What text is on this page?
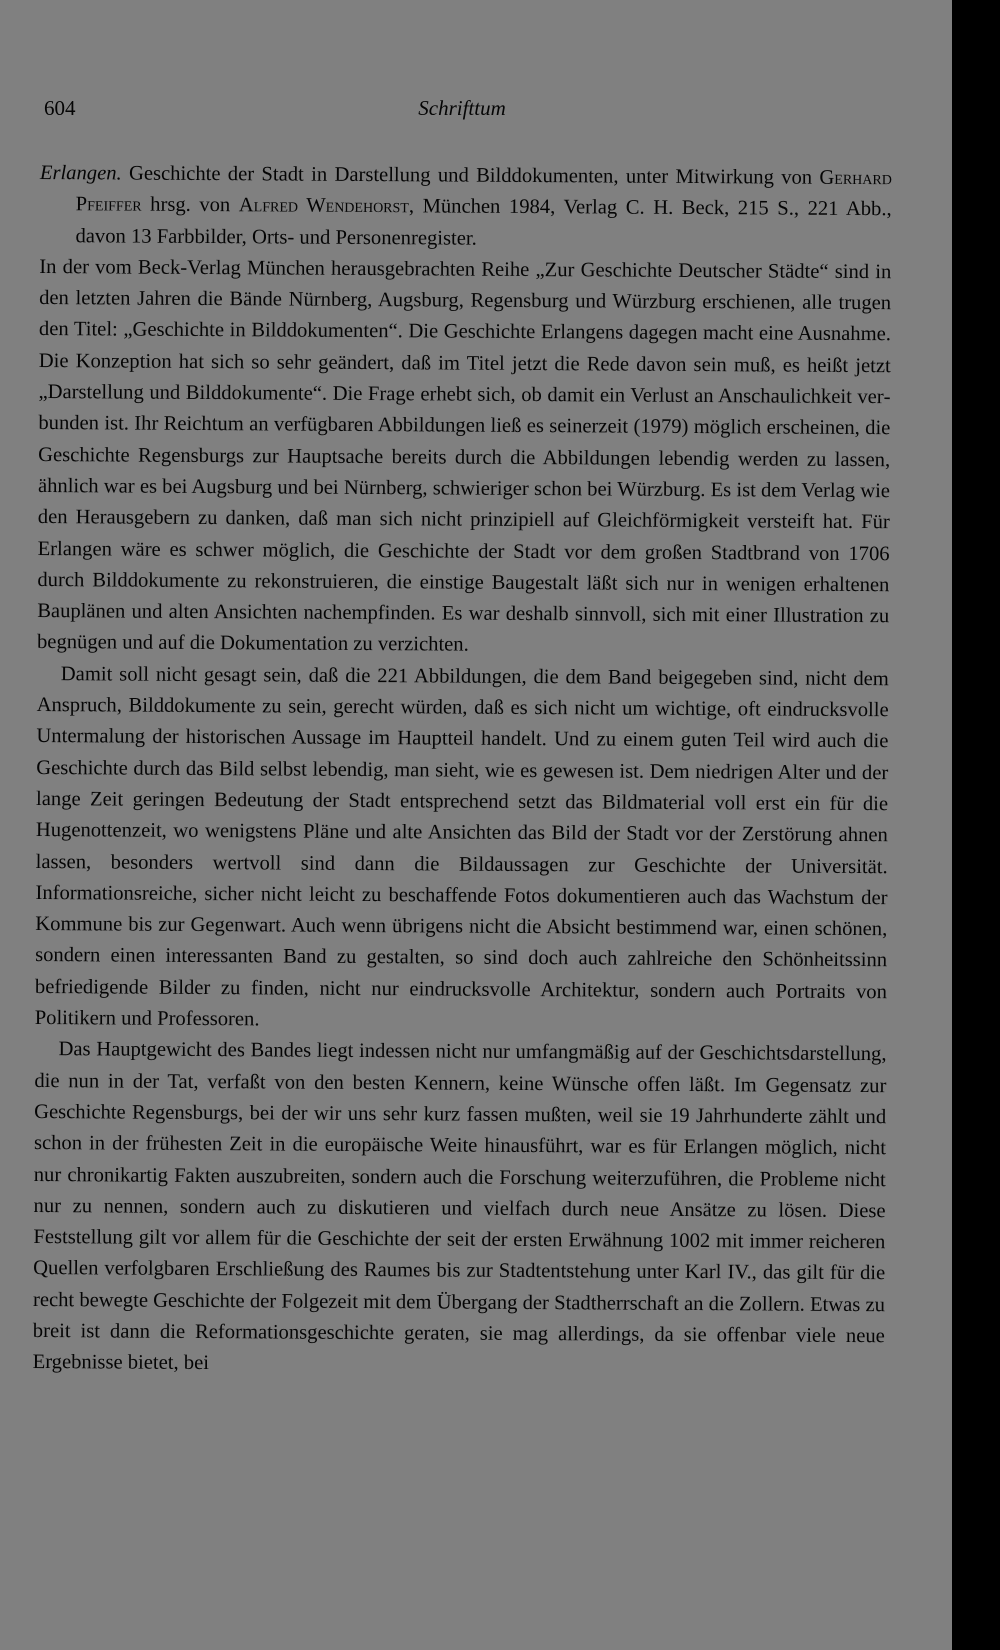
604	Schrifttum

Erlangen. Geschichte der Stadt in Darstellung und Bilddokumenten, unter Mitwirkung von Gerhard Pfeiffer hrsg. von Alfred Wendehorst, München 1984, Verlag C. H. Beck, 215 S., 221 Abb., davon 13 Farbbilder, Orts- und Personenregister.

In der vom Beck-Verlag München herausgebrachten Reihe „Zur Geschichte Deutscher Städte“ sind in den letzten Jahren die Bände Nürnberg, Augsburg, Regensburg und Würzburg erschienen, alle trugen den Titel: „Geschichte in Bilddokumenten“. Die Geschichte Erlangens dagegen macht eine Ausnahme. Die Konzeption hat sich so sehr geändert, daß im Titel jetzt die Rede davon sein muß, es heißt jetzt „Darstellung und Bilddokumente“. Die Frage erhebt sich, ob damit ein Verlust an Anschaulichkeit verbunden ist. Ihr Reichtum an verfügbaren Abbildungen ließ es seinerzeit (1979) möglich erscheinen, die Geschichte Regensburgs zur Hauptsache bereits durch die Abbildungen lebendig werden zu lassen, ähnlich war es bei Augsburg und bei Nürnberg, schwieriger schon bei Würzburg. Es ist dem Verlag wie den Herausgebern zu danken, daß man sich nicht prinzipiell auf Gleichförmigkeit versteift hat. Für Erlangen wäre es schwer möglich, die Geschichte der Stadt vor dem großen Stadtbrand von 1706 durch Bilddokumente zu rekonstruieren, die einstige Baugestalt läßt sich nur in wenigen erhaltenen Bauplänen und alten Ansichten nachempfinden. Es war deshalb sinnvoll, sich mit einer Illustration zu begnügen und auf die Dokumentation zu verzichten.

Damit soll nicht gesagt sein, daß die 221 Abbildungen, die dem Band beigegeben sind, nicht dem Anspruch, Bilddokumente zu sein, gerecht würden, daß es sich nicht um wichtige, oft eindrucksvolle Untermalung der historischen Aussage im Hauptteil handelt. Und zu einem guten Teil wird auch die Geschichte durch das Bild selbst lebendig, man sieht, wie es gewesen ist. Dem niedrigen Alter und der lange Zeit geringen Bedeutung der Stadt entsprechend setzt das Bildmaterial voll erst ein für die Hugenottenzeit, wo wenigstens Pläne und alte Ansichten das Bild der Stadt vor der Zerstörung ahnen lassen, besonders wertvoll sind dann die Bildaussagen zur Geschichte der Universität. Informationsreiche, sicher nicht leicht zu beschaffende Fotos dokumentieren auch das Wachstum der Kommune bis zur Gegenwart. Auch wenn übrigens nicht die Absicht bestimmend war, einen schönen, sondern einen interessanten Band zu gestalten, so sind doch auch zahlreiche den Schönheitssinn befriedigende Bilder zu finden, nicht nur eindrucksvolle Architektur, sondern auch Portraits von Politikern und Professoren.

Das Hauptgewicht des Bandes liegt indessen nicht nur umfangmäßig auf der Geschichtsdarstellung, die nun in der Tat, verfaßt von den besten Kennern, keine Wünsche offen läßt. Im Gegensatz zur Geschichte Regensburgs, bei der wir uns sehr kurz fassen mußten, weil sie 19 Jahrhunderte zählt und schon in der frühesten Zeit in die europäische Weite hinausführt, war es für Erlangen möglich, nicht nur chronikartig Fakten auszubreiten, sondern auch die Forschung weiterzuführen, die Probleme nicht nur zu nennen, sondern auch zu diskutieren und vielfach durch neue Ansätze zu lösen. Diese Feststellung gilt vor allem für die Geschichte der seit der ersten Erwähnung 1002 mit immer reicheren Quellen verfolgbaren Erschließung des Raumes bis zur Stadtentstehung unter Karl IV., das gilt für die recht bewegte Geschichte der Folgezeit mit dem Übergang der Stadtherrschaft an die Zollern. Etwas zu breit ist dann die Reformationsgeschichte geraten, sie mag allerdings, da sie offenbar viele neue Ergebnisse bietet, bei
